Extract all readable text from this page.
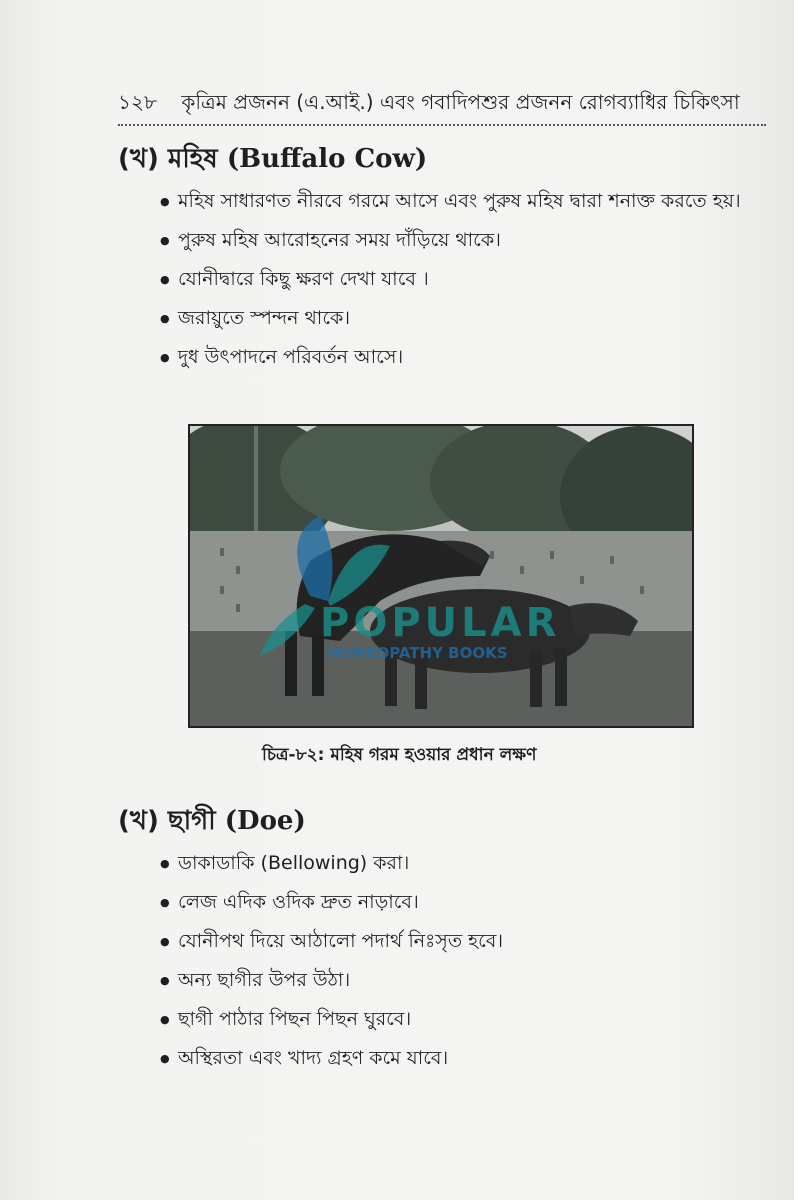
১২৮ কৃত্রিম প্রজনন (এ.আই.) এবং গবাদিপশুর প্রজনন রোগব্যাধির চিকিৎসা
(খ) মহিষ (Buffalo Cow)
● মহিষ সাধারণত নীরবে গরমে আসে এবং পুরুষ মহিষ দ্বারা শনাক্ত করতে হয়।
● পুরুষ মহিষ আরোহনের সময় দাঁড়িয়ে থাকে।
● যোনীদ্বারে কিছু ক্ষরণ দেখা যাবে ।
● জরায়ুতে স্পন্দন থাকে।
● দুধ উৎপাদনে পরিবর্তন আসে।
POPULAR
HOMEOPATHY BOOKS
চিত্র-৮২: মহিষ গরম হওয়ার প্রধান লক্ষণ
(খ) ছাগী (Doe)
● ডাকাডাকি (Bellowing) করা।
● লেজ এদিক ওদিক দ্রুত নাড়াবে।
● যোনীপথ দিয়ে আঠালো পদার্থ নিঃসৃত হবে।
● অন্য ছাগীর উপর উঠা।
● ছাগী পাঠার পিছন পিছন ঘুরবে।
● অস্থিরতা এবং খাদ্য গ্রহণ কমে যাবে।
